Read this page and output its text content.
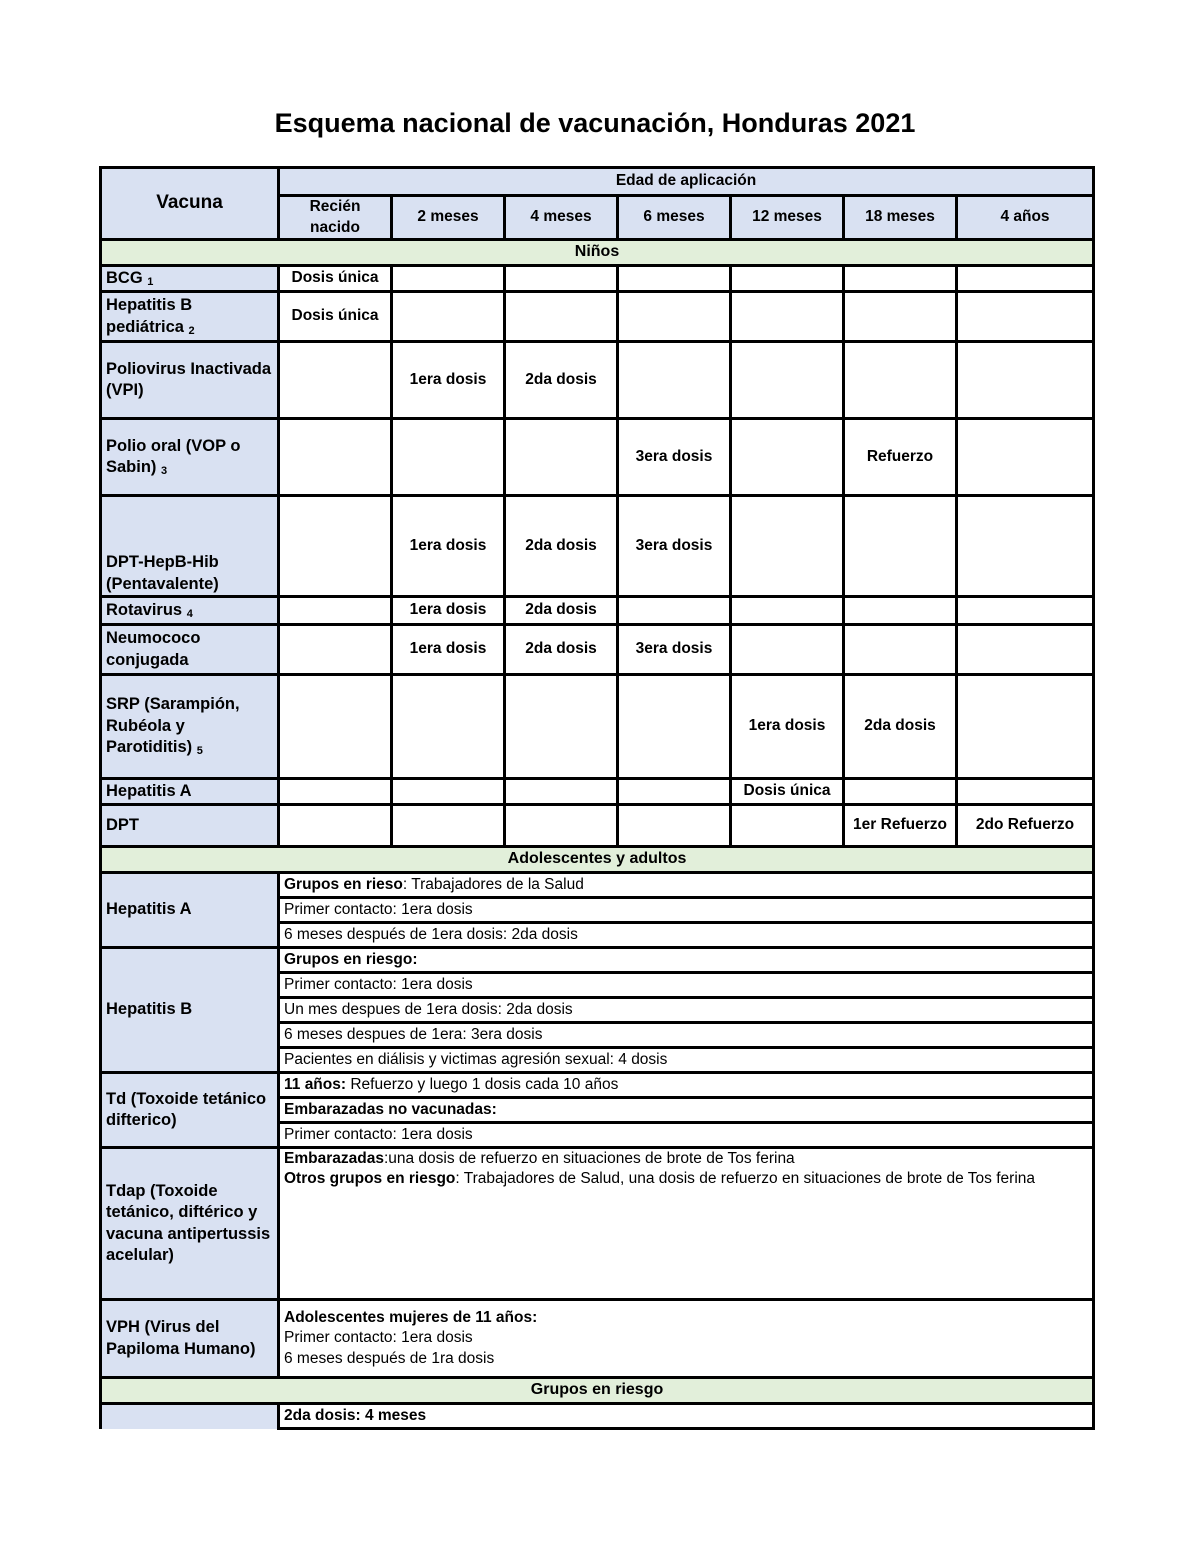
Esquema nacional de vacunación, Honduras 2021
Vacuna	Edad de aplicación						
	Recién nacido	2 meses	4 meses	6 meses	12 meses	18 meses	4 años
Niños							
BCG 1	Dosis única						
Hepatitis B pediátrica 2	Dosis única						
Poliovirus Inactivada (VPI)		1era dosis	2da dosis				
Polio oral (VOP o Sabin) 3				3era dosis		Refuerzo	
DPT-HepB-Hib (Pentavalente)		1era dosis	2da dosis	3era dosis			
Rotavirus 4		1era dosis	2da dosis				
Neumococo conjugada		1era dosis	2da dosis	3era dosis			
SRP (Sarampión, Rubéola y Parotiditis) 5					1era dosis	2da dosis	
Hepatitis A					Dosis única		
DPT						1er Refuerzo	2do Refuerzo
Adolescentes y adultos							
Hepatitis A	Grupos en rieso: Trabajadores de la Salud						
	Primer contacto: 1era dosis						
	6 meses después de 1era dosis: 2da dosis						
Hepatitis B	Grupos en riesgo:						
	Primer contacto: 1era dosis						
	Un mes despues de 1era dosis: 2da dosis						
	6 meses despues de 1era: 3era dosis						
	Pacientes en diálisis y victimas agresión sexual: 4 dosis						
Td (Toxoide tetánico difterico)	11 años: Refuerzo y luego 1 dosis cada 10 años						
	Embarazadas no vacunadas:						
	Primer contacto: 1era dosis						
Tdap (Toxoide tetánico, diftérico y vacuna antipertussis acelular)	Embarazadas:una dosis de refuerzo en situaciones de brote de Tos ferina
Otros grupos en riesgo: Trabajadores de Salud, una dosis de refuerzo en situaciones de brote de Tos ferina						

VPH (Virus del Papiloma Humano)	Adolescentes mujeres de 11 años:
Primer contacto: 1era dosis
6 meses después de 1ra dosis						

Grupos en riesgo							
	2da dosis: 4 meses						
